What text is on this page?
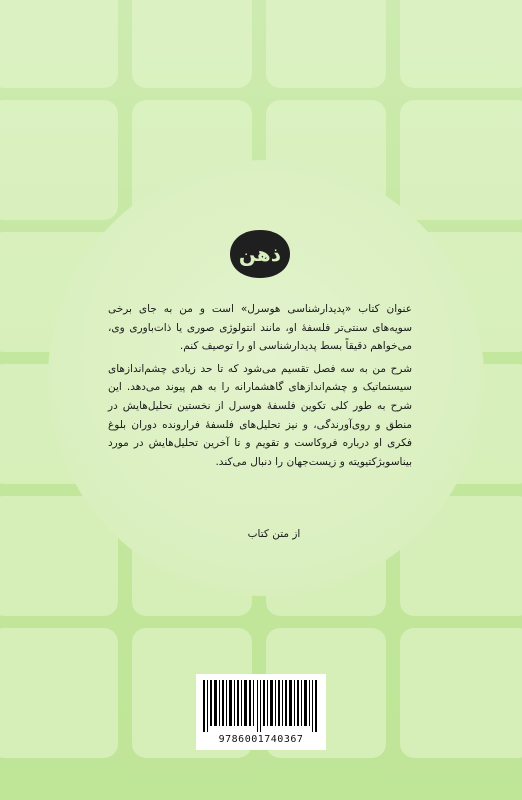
ذهن

عنوان کتاب «پدیدارشناسی هوسرل» است و من به جای برخی سویه‌های سنتی‌تر فلسفهٔ او، مانند انتولوژی صوری یا ذات‌باوری وی، می‌خواهم دقیقاً بسط پدیدارشناسی او را توصیف کنم.

شرح من به سه فصل تقسیم می‌شود که تا حد زیادی چشم‌اندازهای سیستماتیک و چشم‌اندازهای گاهشمارانه را به هم پیوند می‌دهد. این شرح به طور کلی تکوین فلسفهٔ هوسرل از نخستین تحلیل‌هایش در منطق و روی‌آورندگی، و نیز تحلیل‌های فلسفهٔ فرارونده دوران بلوغ فکری او درباره فروکاست و تقویم و تا آخرین تحلیل‌هایش در مورد بیناسوبژکتیویته و زیست‌جهان را دنبال می‌کند.

از متن کتاب
9786001740367
